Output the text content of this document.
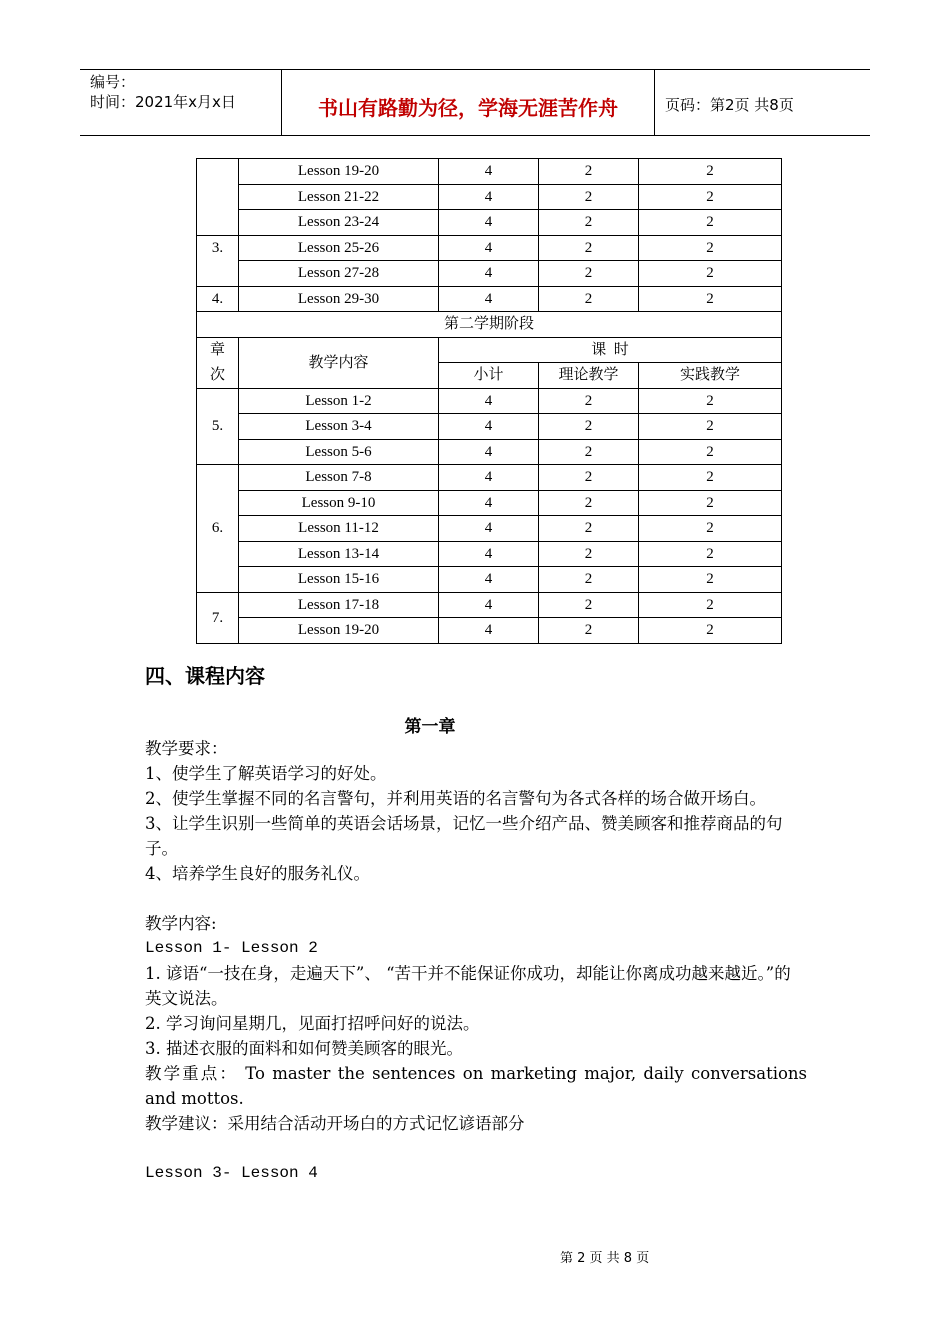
编号：
时间：2021年x月x日	书山有路勤为径，学海无涯苦作舟	页码：第2页 共8页
	Lesson 19-20	4	2	2
	Lesson 21-22	4	2	2
	Lesson 23-24	4	2	2
3.	Lesson 25-26	4	2	2
	Lesson 27-28	4	2	2
4.	Lesson 29-30	4	2	2
第二学期阶段				
章次	教学内容	课  时		
		小计	理论教学	实践教学
5.	Lesson 1-2	4	2	2
	Lesson 3-4	4	2	2
	Lesson 5-6	4	2	2
6.	Lesson 7-8	4	2	2
	Lesson 9-10	4	2	2
	Lesson 11-12	4	2	2
	Lesson 13-14	4	2	2
	Lesson 15-16	4	2	2
7.	Lesson 17-18	4	2	2
	Lesson 19-20	4	2	2
四、课程内容
第一章

教学要求：

1、使学生了解英语学习的好处。

2、使学生掌握不同的名言警句，并利用英语的名言警句为各式各样的场合做开场白。

3、让学生识别一些简单的英语会话场景，记忆一些介绍产品、赞美顾客和推荐商品的句子。

4、培养学生良好的服务礼仪。

教学内容:

Lesson 1- Lesson 2

1. 谚语“一技在身，走遍天下”、 “苦干并不能保证你成功，却能让你离成功越来越近。”的英文说法。

2. 学习询问星期几，见面打招呼问好的说法。

3. 描述衣服的面料和如何赞美顾客的眼光。

教学重点： To master the sentences on marketing major, daily conversations and mottos.

教学建议：采用结合活动开场白的方式记忆谚语部分

Lesson 3- Lesson 4

第 2 页 共 8 页
